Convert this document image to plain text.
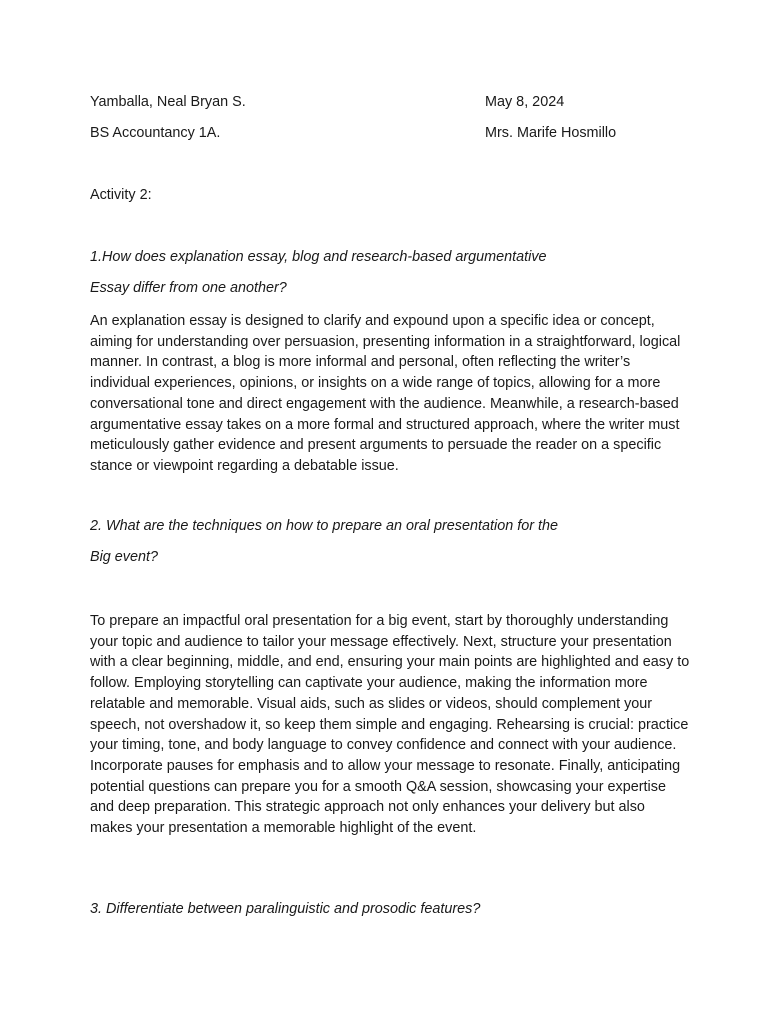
Yamballa, Neal Bryan S.	May 8, 2024
BS Accountancy 1A.	Mrs. Marife Hosmillo
Activity 2:
1.How does explanation essay, blog and research-based argumentative
Essay differ from one another?

An explanation essay is designed to clarify and expound upon a specific idea or concept, aiming for understanding over persuasion, presenting information in a straightforward, logical manner. In contrast, a blog is more informal and personal, often reflecting the writer’s individual experiences, opinions, or insights on a wide range of topics, allowing for a more conversational tone and direct engagement with the audience. Meanwhile, a research-based argumentative essay takes on a more formal and structured approach, where the writer must meticulously gather evidence and present arguments to persuade the reader on a specific stance or viewpoint regarding a debatable issue.

2. What are the techniques on how to prepare an oral presentation for the
Big event?

To prepare an impactful oral presentation for a big event, start by thoroughly understanding your topic and audience to tailor your message effectively. Next, structure your presentation with a clear beginning, middle, and end, ensuring your main points are highlighted and easy to follow. Employing storytelling can captivate your audience, making the information more relatable and memorable. Visual aids, such as slides or videos, should complement your speech, not overshadow it, so keep them simple and engaging. Rehearsing is crucial: practice your timing, tone, and body language to convey confidence and connect with your audience. Incorporate pauses for emphasis and to allow your message to resonate. Finally, anticipating potential questions can prepare you for a smooth Q&A session, showcasing your expertise and deep preparation. This strategic approach not only enhances your delivery but also makes your presentation a memorable highlight of the event.

3. Differentiate between paralinguistic and prosodic features?
